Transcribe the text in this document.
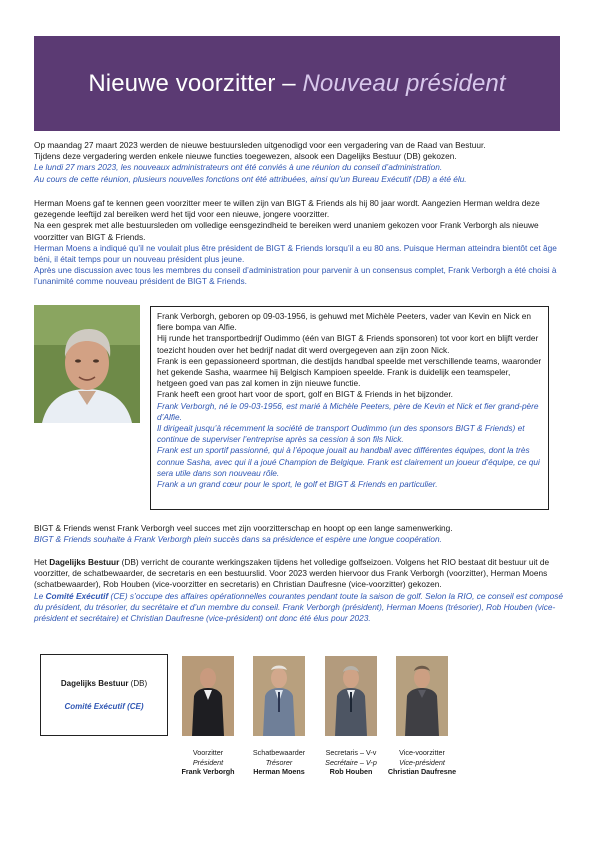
Nieuwe voorzitter – Nouveau président

Op maandag 27 maart 2023 werden de nieuwe bestuursleden uitgenodigd voor een vergadering van de Raad van Bestuur.

Tijdens deze vergadering werden enkele nieuwe functies toegewezen, alsook een Dagelijks Bestuur (DB) gekozen.

Le lundi 27 mars 2023, les nouveaux administrateurs ont été conviés à une réunion du conseil d’administration.

Au cours de cette réunion, plusieurs nouvelles fonctions ont été attribuées, ainsi qu’un Bureau Exécutif (DB) a été élu.

Herman Moens gaf te kennen geen voorzitter meer te willen zijn van BIGT & Friends als hij 80 jaar wordt. Aangezien Herman weldra deze gezegende leeftijd zal bereiken werd het tijd voor een nieuwe, jongere voorzitter.

Na een gesprek met alle bestuursleden om volledige eensgezindheid te bereiken werd unaniem gekozen voor Frank Verborgh als nieuwe voorzitter van BIGT & Friends.

Herman Moens a indiqué qu’il ne voulait plus être président de BIGT & Friends lorsqu’il a eu 80 ans. Puisque Herman atteindra bientôt cet âge béni, il était temps pour un nouveau président plus jeune.

Après une discussion avec tous les membres du conseil d’administration pour parvenir à un consensus complet, Frank Verborgh a été choisi à l’unanimité comme nouveau président de BIGT & Friends.

Frank Verborgh, geboren op 09-03-1956, is gehuwd met Michèle Peeters, vader van Kevin en Nick en fiere bompa van Alfie.

Hij runde het transportbedrijf Oudimmo (één van BIGT & Friends sponsoren) tot voor kort en blijft verder toezicht houden over het bedrijf nadat dit werd overgegeven aan zijn zoon Nick.

Frank is een gepassioneerd sportman, die destijds handbal speelde met verschillende teams, waaronder het gekende Sasha, waarmee hij Belgisch Kampioen speelde. Frank is duidelijk een teamspeler, hetgeen goed van pas zal komen in zijn nieuwe functie.

Frank heeft een groot hart voor de sport, golf en BIGT & Friends in het bijzonder.

Frank Verborgh, né le 09-03-1956, est marié à Michèle Peeters, père de Kevin et Nick et fier grand-père d’Alfie.

Il dirigeait jusqu’à récemment la société de transport Oudimmo (un des sponsors BIGT & Friends) et continue de superviser l’entreprise après sa cession à son fils Nick.

Frank est un sportif passionné, qui à l’époque jouait au handball avec différentes équipes, dont la très connue Sasha, avec qui il a joué Champion de Belgique. Frank est clairement un joueur d’équipe, ce qui sera utile dans son nouveau rôle.

Frank a un grand cœur pour le sport, le golf et BIGT & Friends en particulier.

BIGT & Friends wenst Frank Verborgh veel succes met zijn voorzitterschap en hoopt op een lange samenwerking.

BIGT & Friends souhaite à Frank Verborgh plein succès dans sa présidence et espère une longue coopération.

Het Dagelijks Bestuur (DB) verricht de courante werkingszaken tijdens het volledige golfseizoen. Volgens het RIO bestaat dit bestuur uit de voorzitter, de schatbewaarder, de secretaris en een bestuurslid. Voor 2023 werden hiervoor dus Frank Verborgh (voorzitter), Herman Moens (schatbewaarder), Rob Houben (vice-voorzitter en secretaris) en Christian Daufresne (vice-voorzitter) gekozen.

Le Comité Exécutif (CE) s’occupe des affaires opérationnelles courantes pendant toute la saison de golf. Selon la RIO, ce conseil est composé du président, du trésorier, du secrétaire et d’un membre du conseil. Frank Verborgh (président), Herman Moens (trésorier), Rob Houben (vice-président et secrétaire) et Christian Daufresne (vice-président) ont donc été élus pour 2023.

Dagelijks Bestuur (DB)
Comité Exécutif (CE)
Voorzitter
Président
Frank Verborgh
Schatbewaarder
Trésorer
Herman Moens
Secretaris – V-v
Secrétaire – V-p
Rob Houben
Vice-voorzitter
Vice-président
Christian Daufresne
